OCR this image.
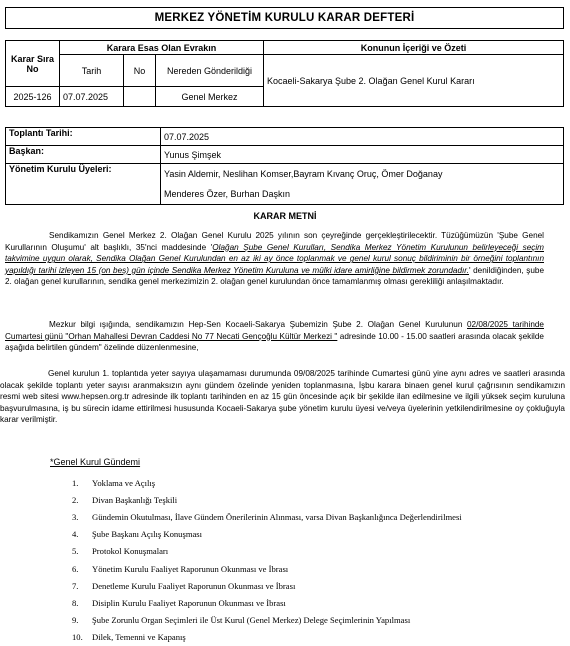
MERKEZ YÖNETİM KURULU KARAR DEFTERİ
Karar Sıra No	Karara Esas Olan Evrakın			Konunun İçeriği ve Özeti
	Tarih	No	Nereden Gönderildiği	Kocaeli-Sakarya Şube 2. Olağan Genel Kurul Kararı
2025-126	07.07.2025		Genel Merkez	
Toplantı Tarihi:	07.07.2025
Başkan:	Yunus Şimşek
Yönetim Kurulu Üyeleri:	Yasin Aldemir, Neslihan Komser,Bayram Kıvanç Oruç, Ömer Doğanay
	Menderes Özer, Burhan Daşkın
KARAR METNİ

Sendikamızın Genel Merkez 2. Olağan Genel Kurulu 2025 yılının son çeyreğinde gerçekleştirilecektir. Tüzüğümüzün 'Şube Genel Kurullarının Oluşumu' alt başlıklı, 35'nci maddesinde 'Olağan Şube Genel Kurulları, Sendika Merkez Yönetim Kurulunun belirleyeceği seçim takvimine uygun olarak, Sendika Olağan Genel Kurulundan en az iki ay önce toplanmak ve genel kurul sonuç bildiriminin bir örneğini toplantının yapıldığı tarihi izleyen 15 (on beş) gün içinde Sendika Merkez Yönetim Kuruluna ve mülki idare amirliğine bildirmek zorundadır.' denildiğinden, şube 2. olağan genel kurullarının, sendika genel merkezimizin 2. olağan genel kurulundan önce tamamlanmış olması gerekliliği anlaşılmaktadır.

Mezkur bilgi ışığında, sendikamızın Hep-Sen Kocaeli-Sakarya Şubemizin Şube 2. Olağan Genel Kurulunun 02/08/2025 tarihinde Cumartesi günü "Orhan Mahallesi Devran Caddesi No 77 Necati Gençoğlu Kültür Merkezi " adresinde 10.00 - 15.00 saatleri arasında olacak şekilde aşağıda belirtilen gündem" özelinde düzenlenmesine,

Genel kurulun 1. toplantıda yeter sayıya ulaşamaması durumunda 09/08/2025 tarihinde Cumartesi günü yine aynı adres ve saatleri arasında olacak şekilde toplantı yeter sayısı aranmaksızın aynı gündem özelinde yeniden toplanmasına, İşbu karara binaen genel kurul çağrısının sendikamızın resmi web sitesi www.hepsen.org.tr adresinde ilk toplantı tarihinden en az 15 gün öncesinde açık bir şekilde ilan edilmesine ve ilgili yüksek seçim kuruluna başvurulmasına, iş bu sürecin idame ettirilmesi hususunda Kocaeli-Sakarya şube yönetim kurulu üyesi ve/veya üyelerinin yetkilendirilmesine oy çokluğuyla karar verilmiştir.

*Genel Kurul Gündemi
1.	Yoklama ve Açılış
2.	Divan Başkanlığı Teşkili
3.	Gündemin Okutulması, İlave Gündem Önerilerinin Alınması, varsa Divan Başkanlığınca Değerlendirilmesi
4.	Şube Başkanı Açılış Konuşması
5.	Protokol Konuşmaları
6.	Yönetim Kurulu Faaliyet Raporunun Okunması ve İbrası
7.	Denetleme Kurulu Faaliyet Raporunun Okunması ve İbrası
8.	Disiplin Kurulu Faaliyet Raporunun Okunması ve İbrası
9.	Şube Zorunlu Organ Seçimleri ile Üst Kurul (Genel Merkez) Delege Seçimlerinin Yapılması
10.	Dilek, Temenni ve Kapanış
